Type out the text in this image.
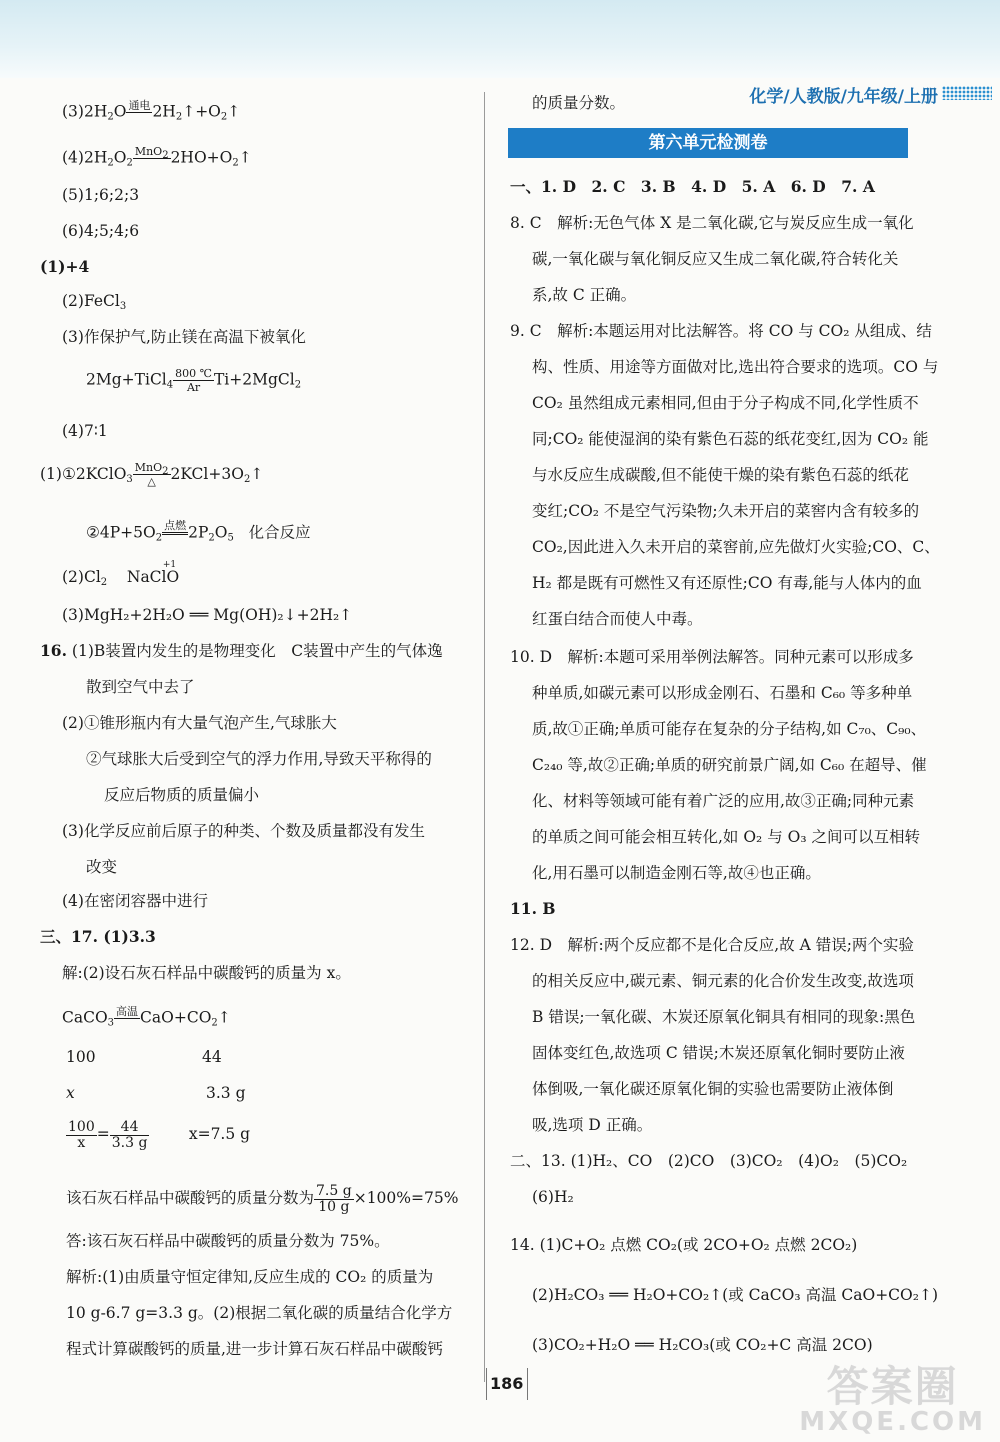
化学/人教版/九年级/上册
$(3)2H_2O$ 通电
$2H_2↑+O_2↑$
$(4)2H_2O_2$
MnO$_2$
$2HO+O_2↑$
(5)1;6;2;3
(6)4;5;4;6
(1)+4
(2)FeCl$_3$
(3)作保护气,防止镁在高温下被氧化
2Mg+TiCl$_4$ $\frac{800 ℃}{Ar}$ Ti+2MgCl$_2$
(4)7∶1
(1)①2KClO$_3$
MnO$_2$
△ $2KCl+3O_2↑$
$②4P+5O_2$
点燃
$2P_2O_5$ 化合反应
$(2)Cl_2$ NaClO
+1
(3)MgH₂+2H₂O ══ Mg(OH)₂↓+2H₂↑
16. (1)B装置内发生的是物理变化　C装置中产生的气体逸
散到空气中去了
(2)①锥形瓶内有大量气泡产生,气球胀大
②气球胀大后受到空气的浮力作用,导致天平称得的
反应后物质的质量偏小
(3)化学反应前后原子的种类、个数及质量都没有发生
改变
(4)在密闭容器中进行
三、17. (1)3.3
解:(2)设石灰石样品中碳酸钙的质量为 x。
CaCO$_3$
高温
$CaO+CO_2↑$
100	44
x	3.3 g
$\frac{100}{x} = \frac{44}{3.3 g}$	x=7.5 g
该石灰石样品中碳酸钙的质量分数为 $\frac{7.5 g}{10 g} \times 100\%=75\%$
答:该石灰石样品中碳酸钙的质量分数为 75%。
解析:(1)由质量守恒定律知,反应生成的 CO₂ 的质量为
10 g-6.7 g=3.3 g。(2)根据二氧化碳的质量结合化学方
程式计算碳酸钙的质量,进一步计算石灰石样品中碳酸钙
的质量分数。
第六单元检测卷
一、1. D　2. C　3. B　4. D　5. A　6. D　7. A
8. C　解析:无色气体 X 是二氧化碳,它与炭反应生成一氧化
碳,一氧化碳与氧化铜反应又生成二氧化碳,符合转化关
系,故 C 正确。
9. C　解析:本题运用对比法解答。将 CO 与 CO₂ 从组成、结
构、性质、用途等方面做对比,选出符合要求的选项。CO 与
CO₂ 虽然组成元素相同,但由于分子构成不同,化学性质不
同;CO₂ 能使湿润的染有紫色石蕊的纸花变红,因为 CO₂ 能
与水反应生成碳酸,但不能使干燥的染有紫色石蕊的纸花
变红;CO₂ 不是空气污染物;久未开启的菜窖内含有较多的
CO₂,因此进入久未开启的菜窖前,应先做灯火实验;CO、C、
H₂ 都是既有可燃性又有还原性;CO 有毒,能与人体内的血
红蛋白结合而使人中毒。
10. D　解析:本题可采用举例法解答。同种元素可以形成多
种单质,如碳元素可以形成金刚石、石墨和 C₆₀ 等多种单
质,故①正确;单质可能存在复杂的分子结构,如 C₇₀、C₉₀、
C₂₄₀ 等,故②正确;单质的研究前景广阔,如 C₆₀ 在超导、催
化、材料等领域可能有着广泛的应用,故③正确;同种元素
的单质之间可能会相互转化,如 O₂ 与 O₃ 之间可以互相转
化,用石墨可以制造金刚石等,故④也正确。
11. B
12. D　解析:两个反应都不是化合反应,故 A 错误;两个实验
的相关反应中,碳元素、铜元素的化合价发生改变,故选项
B 错误;一氧化碳、木炭还原氧化铜具有相同的现象:黑色
固体变红色,故选项 C 错误;木炭还原氧化铜时要防止液
体倒吸,一氧化碳还原氧化铜的实验也需要防止液体倒
吸,选项 D 正确。
二、13. (1)H₂、CO　(2)CO　(3)CO₂　(4)O₂　(5)CO₂
(6)H₂
14. (1)C+O₂ 点燃 CO₂(或 2CO+O₂ 点燃 2CO₂)
(2)H₂CO₃ ══ H₂O+CO₂↑(或 CaCO₃ 高温 CaO+CO₂↑)
(3)CO₂+H₂O ══ H₂CO₃(或 CO₂+C 高温 2CO)
186	答案圈
MXQE.COM
